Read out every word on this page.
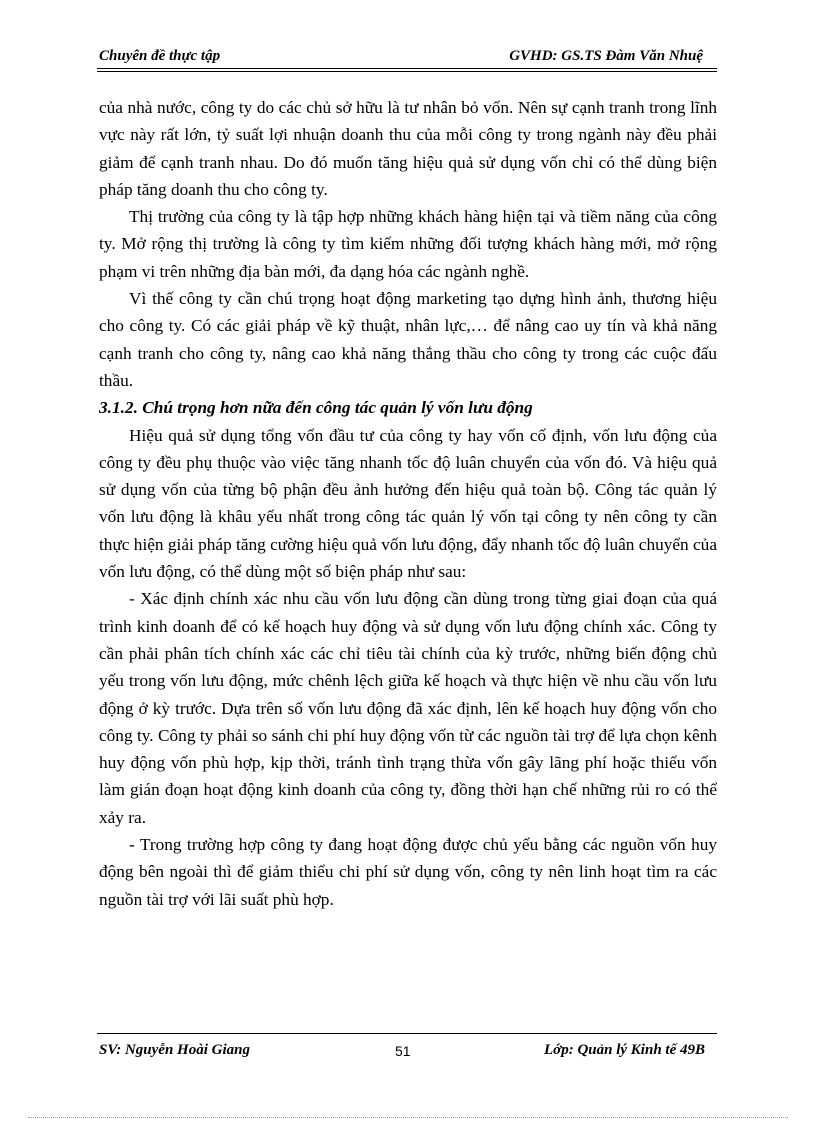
Chuyên đề thực tập	GVHD: GS.TS Đàm Văn Nhuệ

của nhà nước, công ty do các chủ sở hữu là tư nhân bỏ vốn. Nên sự cạnh tranh trong lĩnh vực này rất lớn, tỷ suất lợi nhuận doanh thu của mỗi công ty trong ngành này đều phải giảm để cạnh tranh nhau. Do đó muốn tăng hiệu quả sử dụng vốn chỉ có thể dùng biện pháp tăng doanh thu cho công ty.

Thị trường của công ty là tập hợp những khách hàng hiện tại và tiềm năng của công ty. Mở rộng thị trường là công ty tìm kiếm những đối tượng khách hàng mới, mở rộng phạm vi trên những địa bàn mới, đa dạng hóa các ngành nghề.

Vì thế công ty cần chú trọng hoạt động marketing tạo dựng hình ảnh, thương hiệu cho công ty. Có các giải pháp về kỹ thuật, nhân lực,… để nâng cao uy tín và khả năng cạnh tranh cho công ty, nâng cao khả năng thắng thầu cho công ty trong các cuộc đấu thầu.

3.1.2. Chú trọng hơn nữa đến công tác quản lý vốn lưu động

Hiệu quả sử dụng tổng vốn đầu tư của công ty hay vốn cố định, vốn lưu động của công ty đều phụ thuộc vào việc tăng nhanh tốc độ luân chuyển của vốn đó. Và hiệu quả sử dụng vốn của từng bộ phận đều ảnh hưởng đến hiệu quả toàn bộ. Công tác quản lý vốn lưu động là khâu yếu nhất trong công tác quản lý vốn tại công ty nên công ty cần thực hiện giải pháp tăng cường hiệu quả vốn lưu động, đẩy nhanh tốc độ luân chuyển của vốn lưu động, có thể dùng một số biện pháp như sau:

- Xác định chính xác nhu cầu vốn lưu động cần dùng trong từng giai đoạn của quá trình kinh doanh để có kế hoạch huy động và sử dụng vốn lưu động chính xác. Công ty cần phải phân tích chính xác các chỉ tiêu tài chính của kỳ trước, những biến động chủ yếu trong vốn lưu động, mức chênh lệch giữa kế hoạch và thực hiện về nhu cầu vốn lưu động ở kỳ trước. Dựa trên số vốn lưu động đã xác định, lên kế hoạch huy động vốn cho công ty. Công ty phải so sánh chi phí huy động vốn từ các nguồn tài trợ để lựa chọn kênh huy động vốn phù hợp, kịp thời, tránh tình trạng thừa vốn gây lãng phí hoặc thiếu vốn làm gián đoạn hoạt động kinh doanh của công ty, đồng thời hạn chế những rủi ro có thể xảy ra.

- Trong trường hợp công ty đang hoạt động được chủ yếu bằng các nguồn vốn huy động bên ngoài thì để giảm thiểu chi phí sử dụng vốn, công ty nên linh hoạt tìm ra các nguồn tài trợ với lãi suất phù hợp.

SV: Nguyễn Hoài Giang	51	Lớp: Quản lý Kinh tế 49B
